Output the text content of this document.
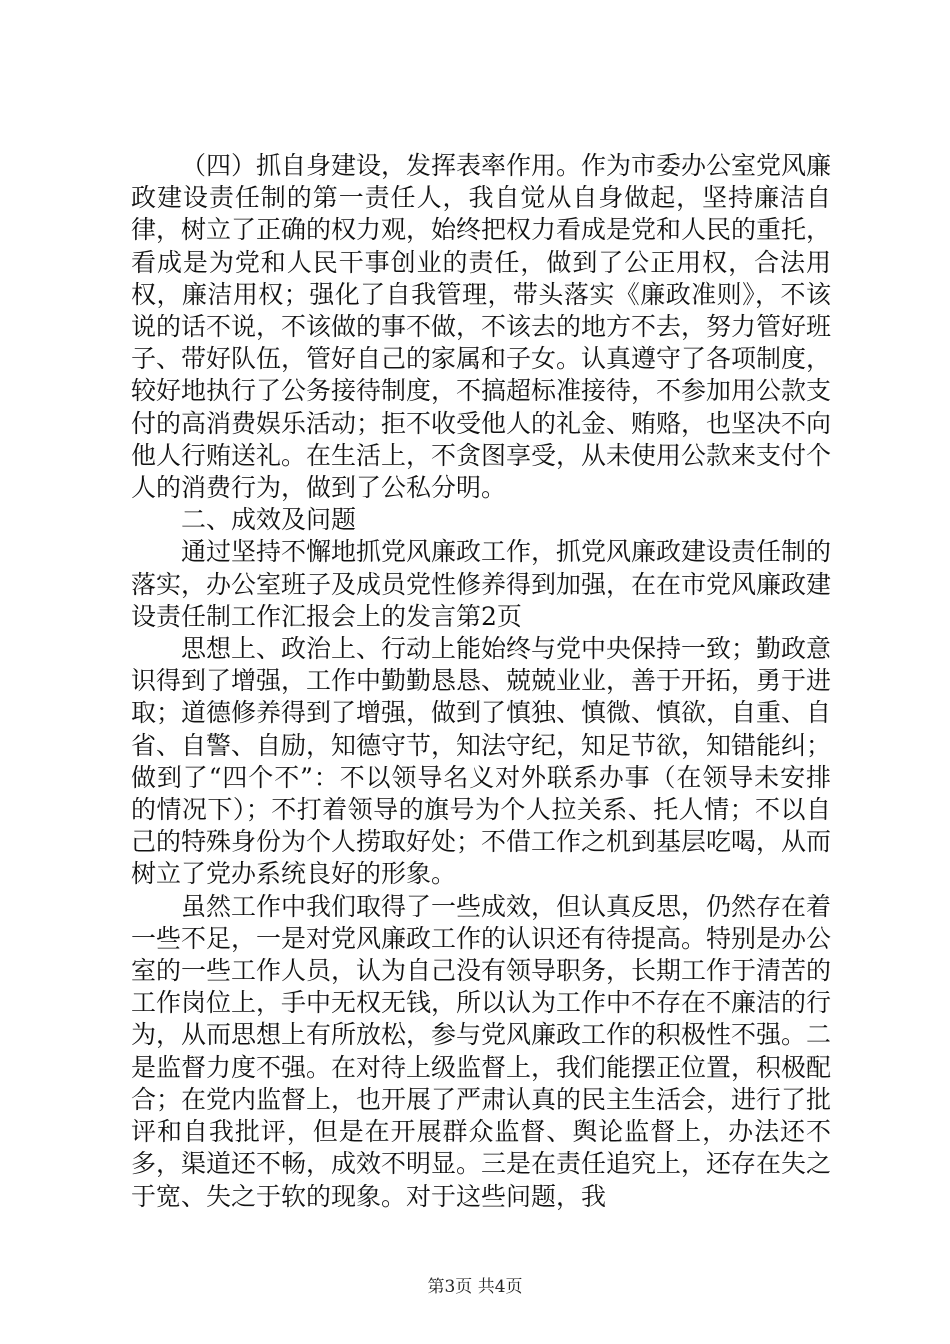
（四）抓自身建设，发挥表率作用。作为市委办公室党风廉政建设责任制的第一责任人，我自觉从自身做起，坚持廉洁自律，树立了正确的权力观，始终把权力看成是党和人民的重托，看成是为党和人民干事创业的责任，做到了公正用权，合法用权，廉洁用权；强化了自我管理，带头落实《廉政准则》，不该说的话不说，不该做的事不做，不该去的地方不去，努力管好班子、带好队伍，管好自己的家属和子女。认真遵守了各项制度，较好地执行了公务接待制度，不搞超标准接待，不参加用公款支付的高消费娱乐活动；拒不收受他人的礼金、贿赂，也坚决不向他人行贿送礼。在生活上，不贪图享受，从未使用公款来支付个人的消费行为，做到了公私分明。

二、成效及问题

通过坚持不懈地抓党风廉政工作，抓党风廉政建设责任制的落实，办公室班子及成员党性修养得到加强，在在市党风廉政建设责任制工作汇报会上的发言第2页

思想上、政治上、行动上能始终与党中央保持一致；勤政意识得到了增强，工作中勤勤恳恳、兢兢业业，善于开拓，勇于进取；道德修养得到了增强，做到了慎独、慎微、慎欲，自重、自省、自警、自励，知德守节，知法守纪，知足节欲，知错能纠；做到了“四个不”：不以领导名义对外联系办事（在领导未安排的情况下）；不打着领导的旗号为个人拉关系、托人情；不以自己的特殊身份为个人捞取好处；不借工作之机到基层吃喝，从而树立了党办系统良好的形象。

虽然工作中我们取得了一些成效，但认真反思，仍然存在着一些不足，一是对党风廉政工作的认识还有待提高。特别是办公室的一些工作人员，认为自己没有领导职务，长期工作于清苦的工作岗位上，手中无权无钱，所以认为工作中不存在不廉洁的行为，从而思想上有所放松，参与党风廉政工作的积极性不强。二是监督力度不强。在对待上级监督上，我们能摆正位置，积极配合；在党内监督上，也开展了严肃认真的民主生活会，进行了批评和自我批评，但是在开展群众监督、舆论监督上，办法还不多，渠道还不畅，成效不明显。三是在责任追究上，还存在失之于宽、失之于软的现象。对于这些问题，我

第3页 共4页
